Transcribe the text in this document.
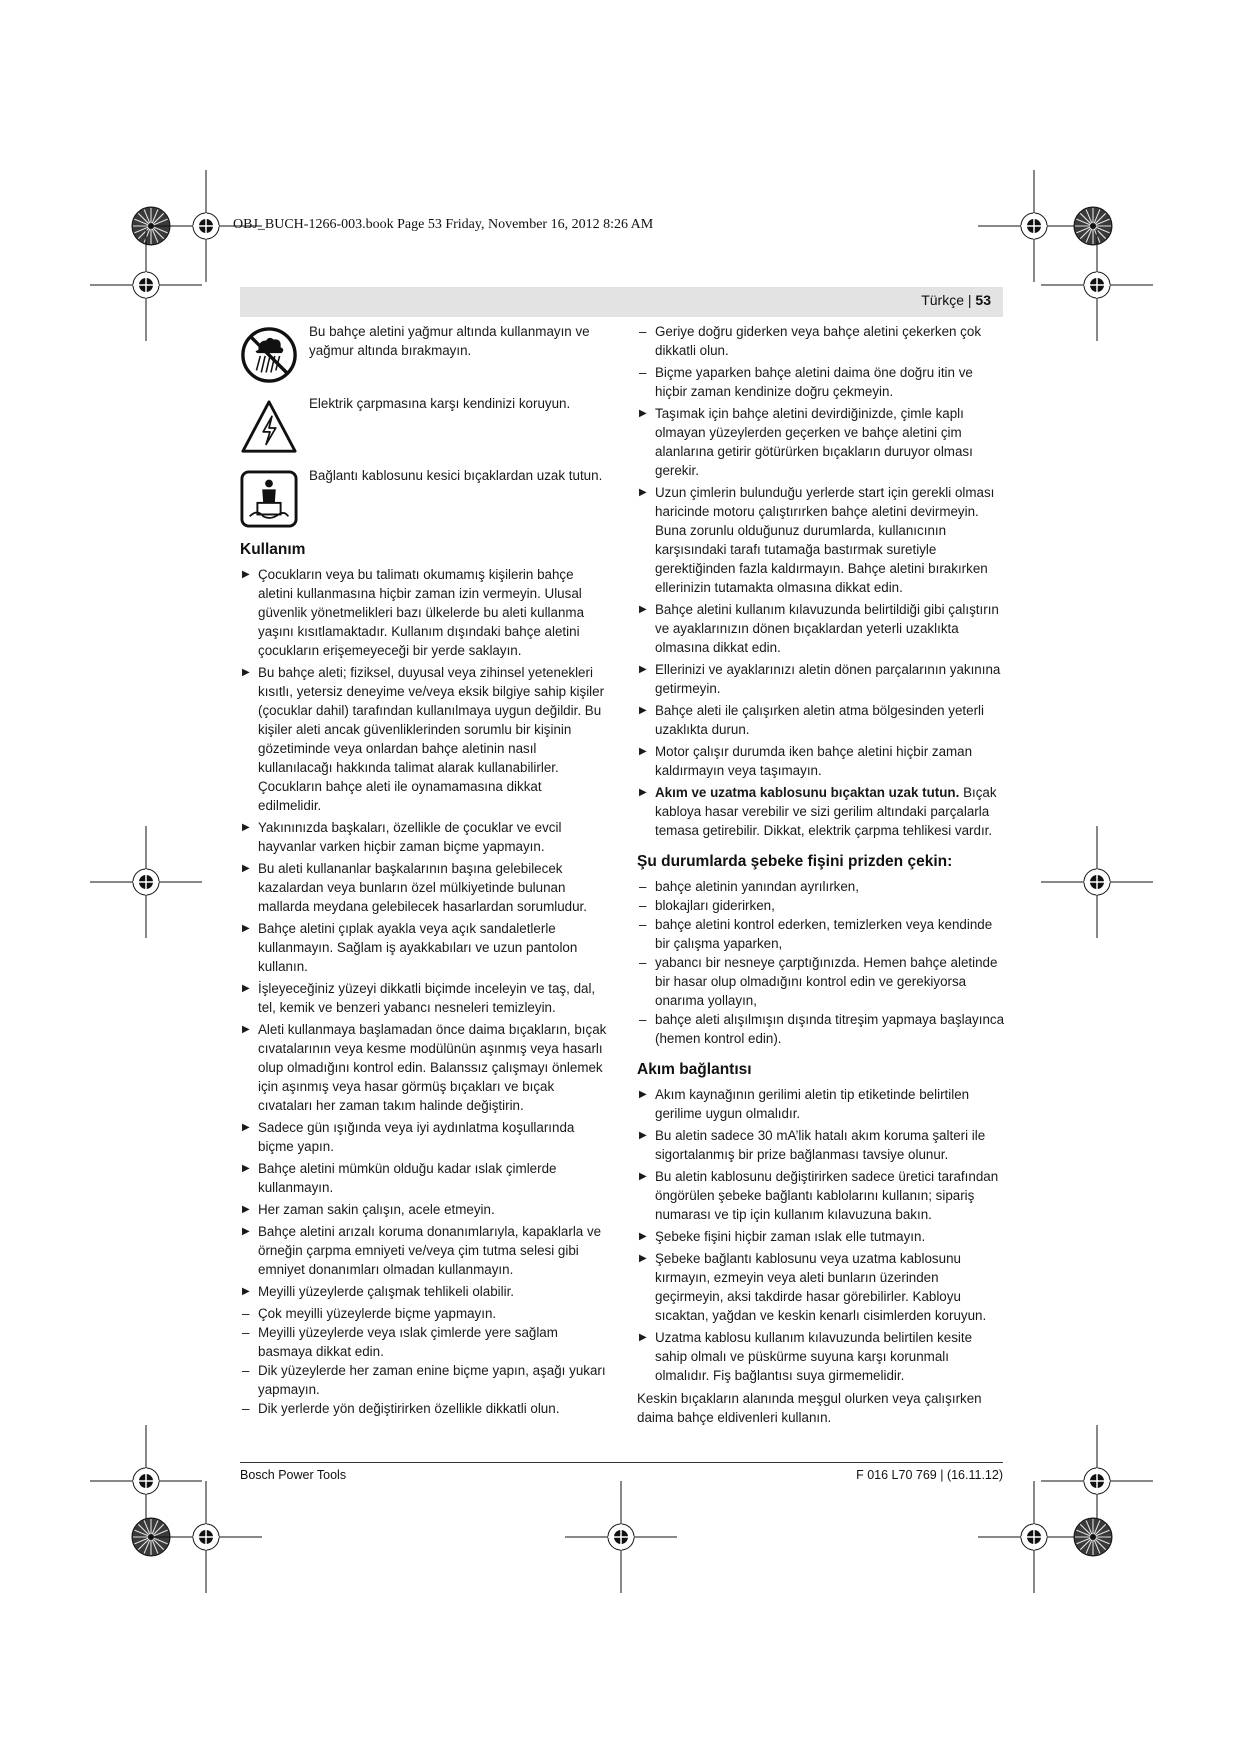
OBJ_BUCH-1266-003.book Page 53 Friday, November 16, 2012 8:26 AM
Türkçe | 53
Bu bahçe aletini yağmur altında kullanmayın ve yağmur altında bırakmayın.
Elektrik çarpmasına karşı kendinizi koruyun.
Bağlantı kablosunu kesici bıçaklardan uzak tutun.
Kullanım
▶ Çocukların veya bu talimatı okumamış kişilerin bahçe aletini kullanmasına hiçbir zaman izin vermeyin. Ulusal güvenlik yönetmelikleri bazı ülkelerde bu aleti kullanma yaşını kısıtlamaktadır. Kullanım dışındaki bahçe aletini çocukların erişemeyeceği bir yerde saklayın.
▶ Bu bahçe aleti; fiziksel, duyusal veya zihinsel yetenekleri kısıtlı, yetersiz deneyime ve/veya eksik bilgiye sahip kişiler (çocuklar dahil) tarafından kullanılmaya uygun değildir. Bu kişiler aleti ancak güvenliklerinden sorumlu bir kişinin gözetiminde veya onlardan bahçe aletinin nasıl kullanılacağı hakkında talimat alarak kullanabilirler. Çocukların bahçe aleti ile oynamamasına dikkat edilmelidir.
▶ Yakınınızda başkaları, özellikle de çocuklar ve evcil hayvanlar varken hiçbir zaman biçme yapmayın.
▶ Bu aleti kullananlar başkalarının başına gelebilecek kazalardan veya bunların özel mülkiyetinde bulunan mallarda meydana gelebilecek hasarlardan sorumludur.
▶ Bahçe aletini çıplak ayakla veya açık sandaletlerle kullanmayın. Sağlam iş ayakkabıları ve uzun pantolon kullanın.
▶ İşleyeceğiniz yüzeyi dikkatli biçimde inceleyin ve taş, dal, tel, kemik ve benzeri yabancı nesneleri temizleyin.
▶ Aleti kullanmaya başlamadan önce daima bıçakların, bıçak cıvatalarının veya kesme modülünün aşınmış veya hasarlı olup olmadığını kontrol edin. Balanssız çalışmayı önlemek için aşınmış veya hasar görmüş bıçakları ve bıçak cıvataları her zaman takım halinde değiştirin.
▶ Sadece gün ışığında veya iyi aydınlatma koşullarında biçme yapın.
▶ Bahçe aletini mümkün olduğu kadar ıslak çimlerde kullanmayın.
▶ Her zaman sakin çalışın, acele etmeyin.
▶ Bahçe aletini arızalı koruma donanımlarıyla, kapaklarla ve örneğin çarpma emniyeti ve/veya çim tutma selesi gibi emniyet donanımları olmadan kullanmayın.
▶ Meyilli yüzeylerde çalışmak tehlikeli olabilir.
– Çok meyilli yüzeylerde biçme yapmayın.
– Meyilli yüzeylerde veya ıslak çimlerde yere sağlam basmaya dikkat edin.
– Dik yüzeylerde her zaman enine biçme yapın, aşağı yukarı yapmayın.
– Dik yerlerde yön değiştirirken özellikle dikkatli olun.
– Geriye doğru giderken veya bahçe aletini çekerken çok dikkatli olun.
– Biçme yaparken bahçe aletini daima öne doğru itin ve hiçbir zaman kendinize doğru çekmeyin.
▶ Taşımak için bahçe aletini devirdiğinizde, çimle kaplı olmayan yüzeylerden geçerken ve bahçe aletini çim alanlarına getirir götürürken bıçakların duruyor olması gerekir.
▶ Uzun çimlerin bulunduğu yerlerde start için gerekli olması haricinde motoru çalıştırırken bahçe aletini devirmeyin. Buna zorunlu olduğunuz durumlarda, kullanıcının karşısındaki tarafı tutamağa bastırmak suretiyle gerektiğinden fazla kaldırmayın. Bahçe aletini bırakırken ellerinizin tutamakta olmasına dikkat edin.
▶ Bahçe aletini kullanım kılavuzunda belirtildiği gibi çalıştırın ve ayaklarınızın dönen bıçaklardan yeterli uzaklıkta olmasına dikkat edin.
▶ Ellerinizi ve ayaklarınızı aletin dönen parçalarının yakınına getirmeyin.
▶ Bahçe aleti ile çalışırken aletin atma bölgesinden yeterli uzaklıkta durun.
▶ Motor çalışır durumda iken bahçe aletini hiçbir zaman kaldırmayın veya taşımayın.
▶ Akım ve uzatma kablosunu bıçaktan uzak tutun. Bıçak kabloya hasar verebilir ve sizi gerilim altındaki parçalarla temasa getirebilir. Dikkat, elektrik çarpma tehlikesi vardır.
Şu durumlarda şebeke fişini prizden çekin:
– bahçe aletinin yanından ayrılırken,
– blokajları giderirken,
– bahçe aletini kontrol ederken, temizlerken veya kendinde bir çalışma yaparken,
– yabancı bir nesneye çarptığınızda. Hemen bahçe aletinde bir hasar olup olmadığını kontrol edin ve gerekiyorsa onarıma yollayın,
– bahçe aleti alışılmışın dışında titreşim yapmaya başlayınca (hemen kontrol edin).
Akım bağlantısı
▶ Akım kaynağının gerilimi aletin tip etiketinde belirtilen gerilime uygun olmalıdır.
▶ Bu aletin sadece 30 mA’lik hatalı akım koruma şalteri ile sigortalanmış bir prize bağlanması tavsiye olunur.
▶ Bu aletin kablosunu değiştirirken sadece üretici tarafından öngörülen şebeke bağlantı kablolarını kullanın; sipariş numarası ve tip için kullanım kılavuzuna bakın.
▶ Şebeke fişini hiçbir zaman ıslak elle tutmayın.
▶ Şebeke bağlantı kablosunu veya uzatma kablosunu kırmayın, ezmeyin veya aleti bunların üzerinden geçirmeyin, aksi takdirde hasar görebilirler. Kabloyu sıcaktan, yağdan ve keskin kenarlı cisimlerden koruyun.
▶ Uzatma kablosu kullanım kılavuzunda belirtilen kesite sahip olmalı ve püskürme suyuna karşı korunmalı olmalıdır. Fiş bağlantısı suya girmemelidir.

Keskin bıçakların alanında meşgul olurken veya çalışırken daima bahçe eldivenleri kullanın.

Bosch Power Tools	F 016 L70 769 | (16.11.12)
